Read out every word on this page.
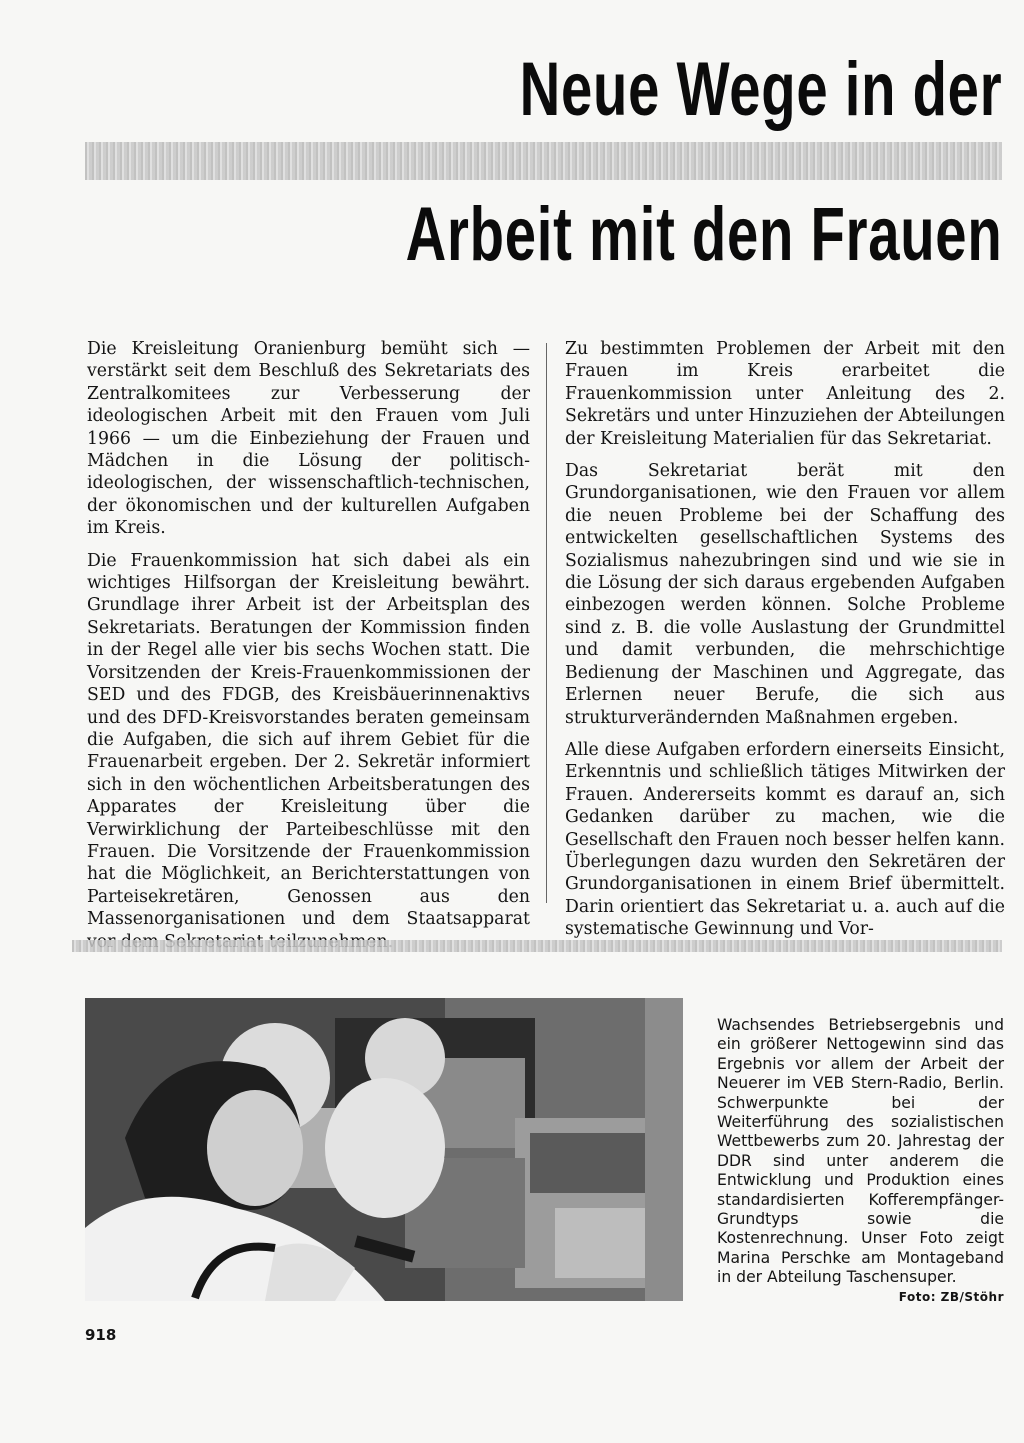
Neue Wege in der
Arbeit mit den Frauen

Die Kreisleitung Oranienburg bemüht sich — verstärkt seit dem Beschluß des Sekretariats des Zentralkomitees zur Verbesserung der ideologischen Arbeit mit den Frauen vom Juli 1966 — um die Einbeziehung der Frauen und Mädchen in die Lösung der politisch-ideologischen, der wissenschaftlich-technischen, der ökonomischen und der kulturellen Aufgaben im Kreis.

Die Frauenkommission hat sich dabei als ein wichtiges Hilfsorgan der Kreisleitung bewährt. Grundlage ihrer Arbeit ist der Arbeitsplan des Sekretariats. Beratungen der Kommission finden in der Regel alle vier bis sechs Wochen statt. Die Vorsitzenden der Kreis-Frauenkommissionen der SED und des FDGB, des Kreisbäuerinnenaktivs und des DFD-Kreisvorstandes beraten gemeinsam die Aufgaben, die sich auf ihrem Gebiet für die Frauenarbeit ergeben. Der 2. Sekretär informiert sich in den wöchentlichen Arbeitsberatungen des Apparates der Kreisleitung über die Verwirklichung der Parteibeschlüsse mit den Frauen. Die Vorsitzende der Frauenkommission hat die Möglichkeit, an Berichterstattungen von Parteisekretären, Genossen aus den Massenorganisationen und dem Staatsapparat

Zu bestimmten Problemen der Arbeit mit den Frauen im Kreis erarbeitet die Frauenkommission unter Anleitung des 2. Sekretärs und unter Hinzuziehen der Abteilungen der Kreisleitung Materialien für das Sekretariat.

Das Sekretariat berät mit den Grundorganisationen, wie den Frauen vor allem die neuen Probleme bei der Schaffung des entwickelten gesellschaftlichen Systems des Sozialismus nahezubringen sind und wie sie in die Lösung der sich daraus ergebenden Aufgaben einbezogen werden können. Solche Probleme sind z. B. die volle Auslastung der Grundmittel und damit verbunden, die mehrschichtige Bedienung der Maschinen und Aggregate, das Erlernen neuer Berufe, die sich aus strukturverändernden Maßnahmen ergeben.

Alle diese Aufgaben erfordern einerseits Einsicht, Erkenntnis und schließlich tätiges Mitwirken der Frauen. Andererseits kommt es darauf an, sich Gedanken darüber zu machen, wie die Gesellschaft den Frauen noch besser helfen kann. Überlegungen dazu wurden den Sekretären der Grundorganisationen in einem Brief übermittelt. Darin orientiert das Sekretariat u. a. auch auf die systematische Gewinnung und Vor-

Wachsendes Betriebsergebnis und ein größerer Nettogewinn sind das Ergebnis vor allem der Arbeit der Neuerer im VEB Stern-Radio, Berlin. Schwerpunkte bei der Weiterführung des sozialistischen Wettbewerbs zum 20. Jahrestag der DDR sind unter anderem die Entwicklung und Produktion eines standardisierten Kofferempfänger-Grundtyps sowie die Kostenrechnung. Unser Foto zeigt Marina Perschke am Montageband in der Abteilung Taschensuper.
Foto: ZB/Stöhr
918
